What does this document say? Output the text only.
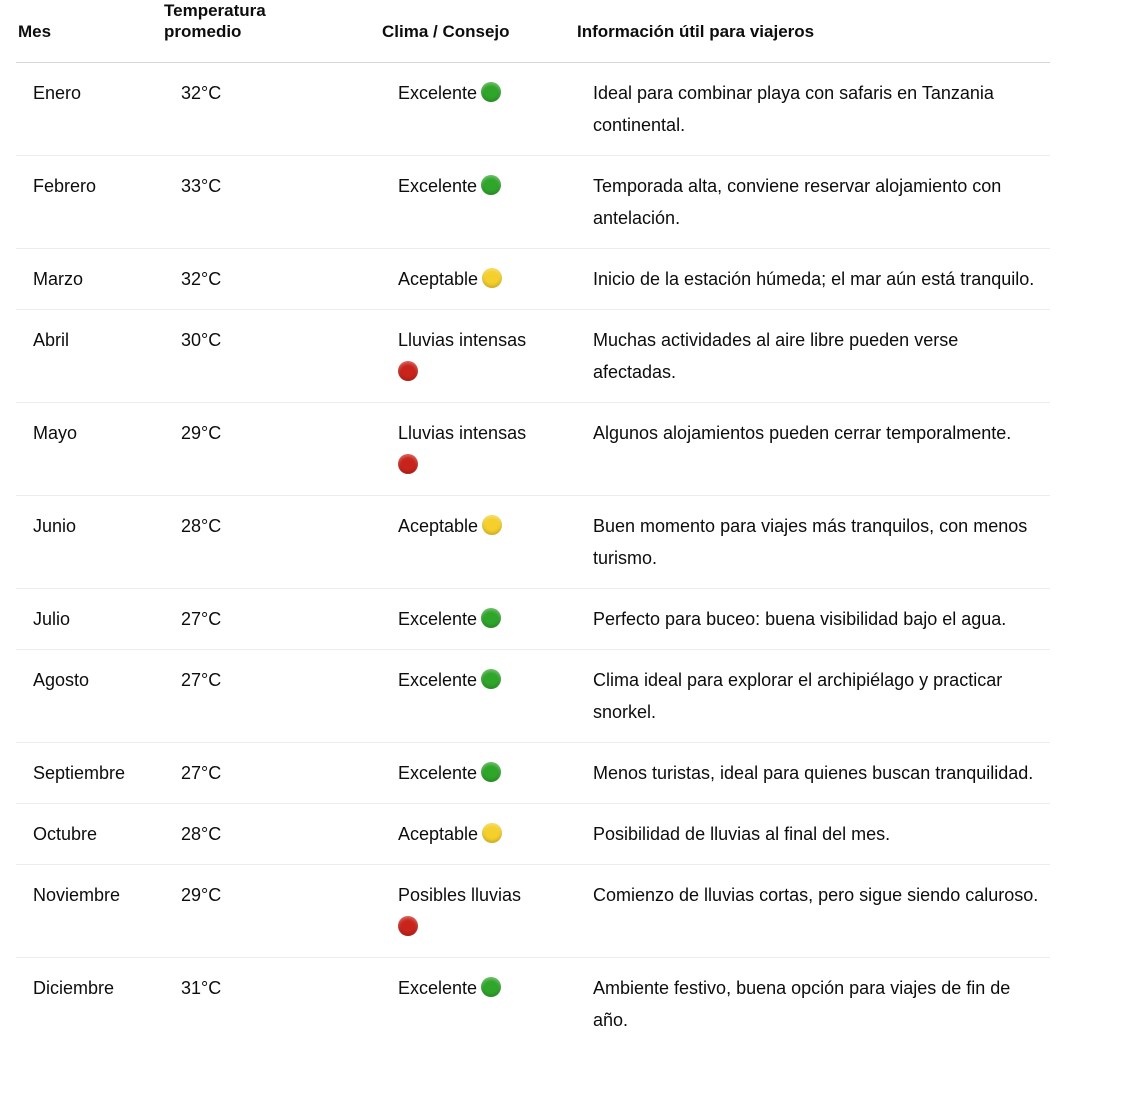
Mes	Temperatura promedio	Clima / Consejo	Información útil para viajeros
Enero	32°C	Excelente	Ideal para combinar playa con safaris en Tanzania continental.
Febrero	33°C	Excelente	Temporada alta, conviene reservar alojamiento con antelación.
Marzo	32°C	Aceptable	Inicio de la estación húmeda; el mar aún está tranquilo.
Abril	30°C	Lluvias intensas	Muchas actividades al aire libre pueden verse afectadas.
Mayo	29°C	Lluvias intensas	Algunos alojamientos pueden cerrar temporalmente.
Junio	28°C	Aceptable	Buen momento para viajes más tranquilos, con menos turismo.
Julio	27°C	Excelente	Perfecto para buceo: buena visibilidad bajo el agua.
Agosto	27°C	Excelente	Clima ideal para explorar el archipiélago y practicar snorkel.
Septiembre	27°C	Excelente	Menos turistas, ideal para quienes buscan tranquilidad.
Octubre	28°C	Aceptable	Posibilidad de lluvias al final del mes.
Noviembre	29°C	Posibles lluvias	Comienzo de lluvias cortas, pero sigue siendo caluroso.
Diciembre	31°C	Excelente	Ambiente festivo, buena opción para viajes de fin de año.
